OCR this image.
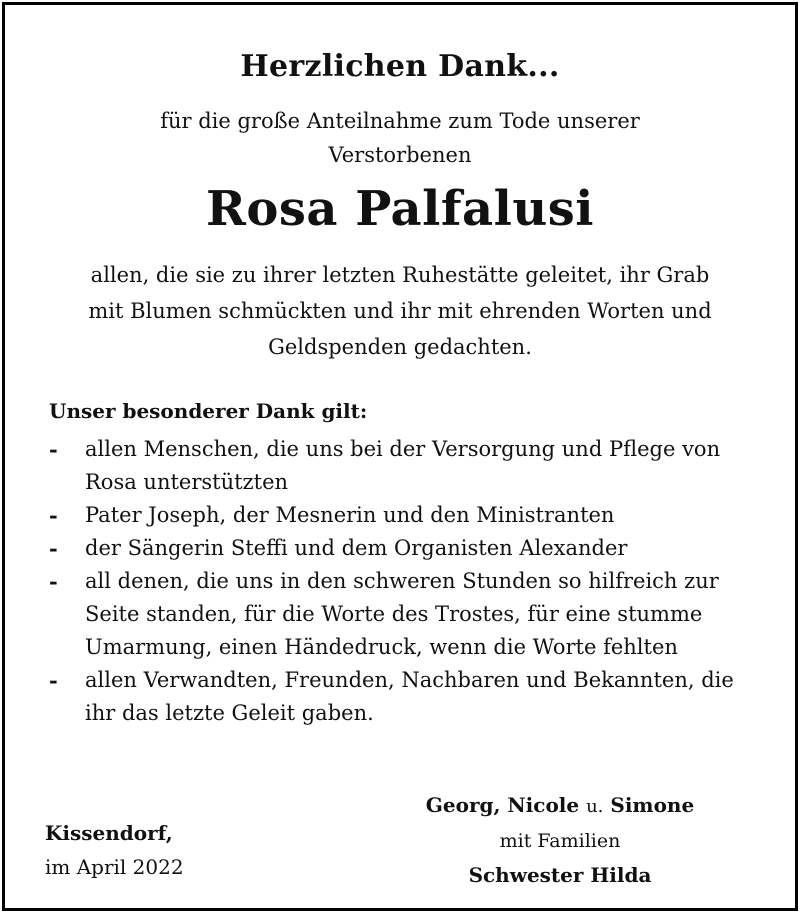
Herzlichen Dank...
für die große Anteilnahme zum Tode unserer
Verstorbenen
Rosa Palfalusi
allen, die sie zu ihrer letzten Ruhestätte geleitet, ihr Grab
mit Blumen schmückten und ihr mit ehrenden Worten und
Geldspenden gedachten.
Unser besonderer Dank gilt:
- allen Menschen, die uns bei der Versorgung und Pflege von Rosa unterstützten
- Pater Joseph, der Mesnerin und den Ministranten
- der Sängerin Steffi und dem Organisten Alexander
- all denen, die uns in den schweren Stunden so hilfreich zur Seite standen, für die Worte des Trostes, für eine stumme Umarmung, einen Händedruck, wenn die Worte fehlten
- allen Verwandten, Freunden, Nachbaren und Bekannten, die ihr das letzte Geleit gaben.
Kissendorf,
im April 2022
Georg, Nicole u. Simone
mit Familien
Schwester Hilda
